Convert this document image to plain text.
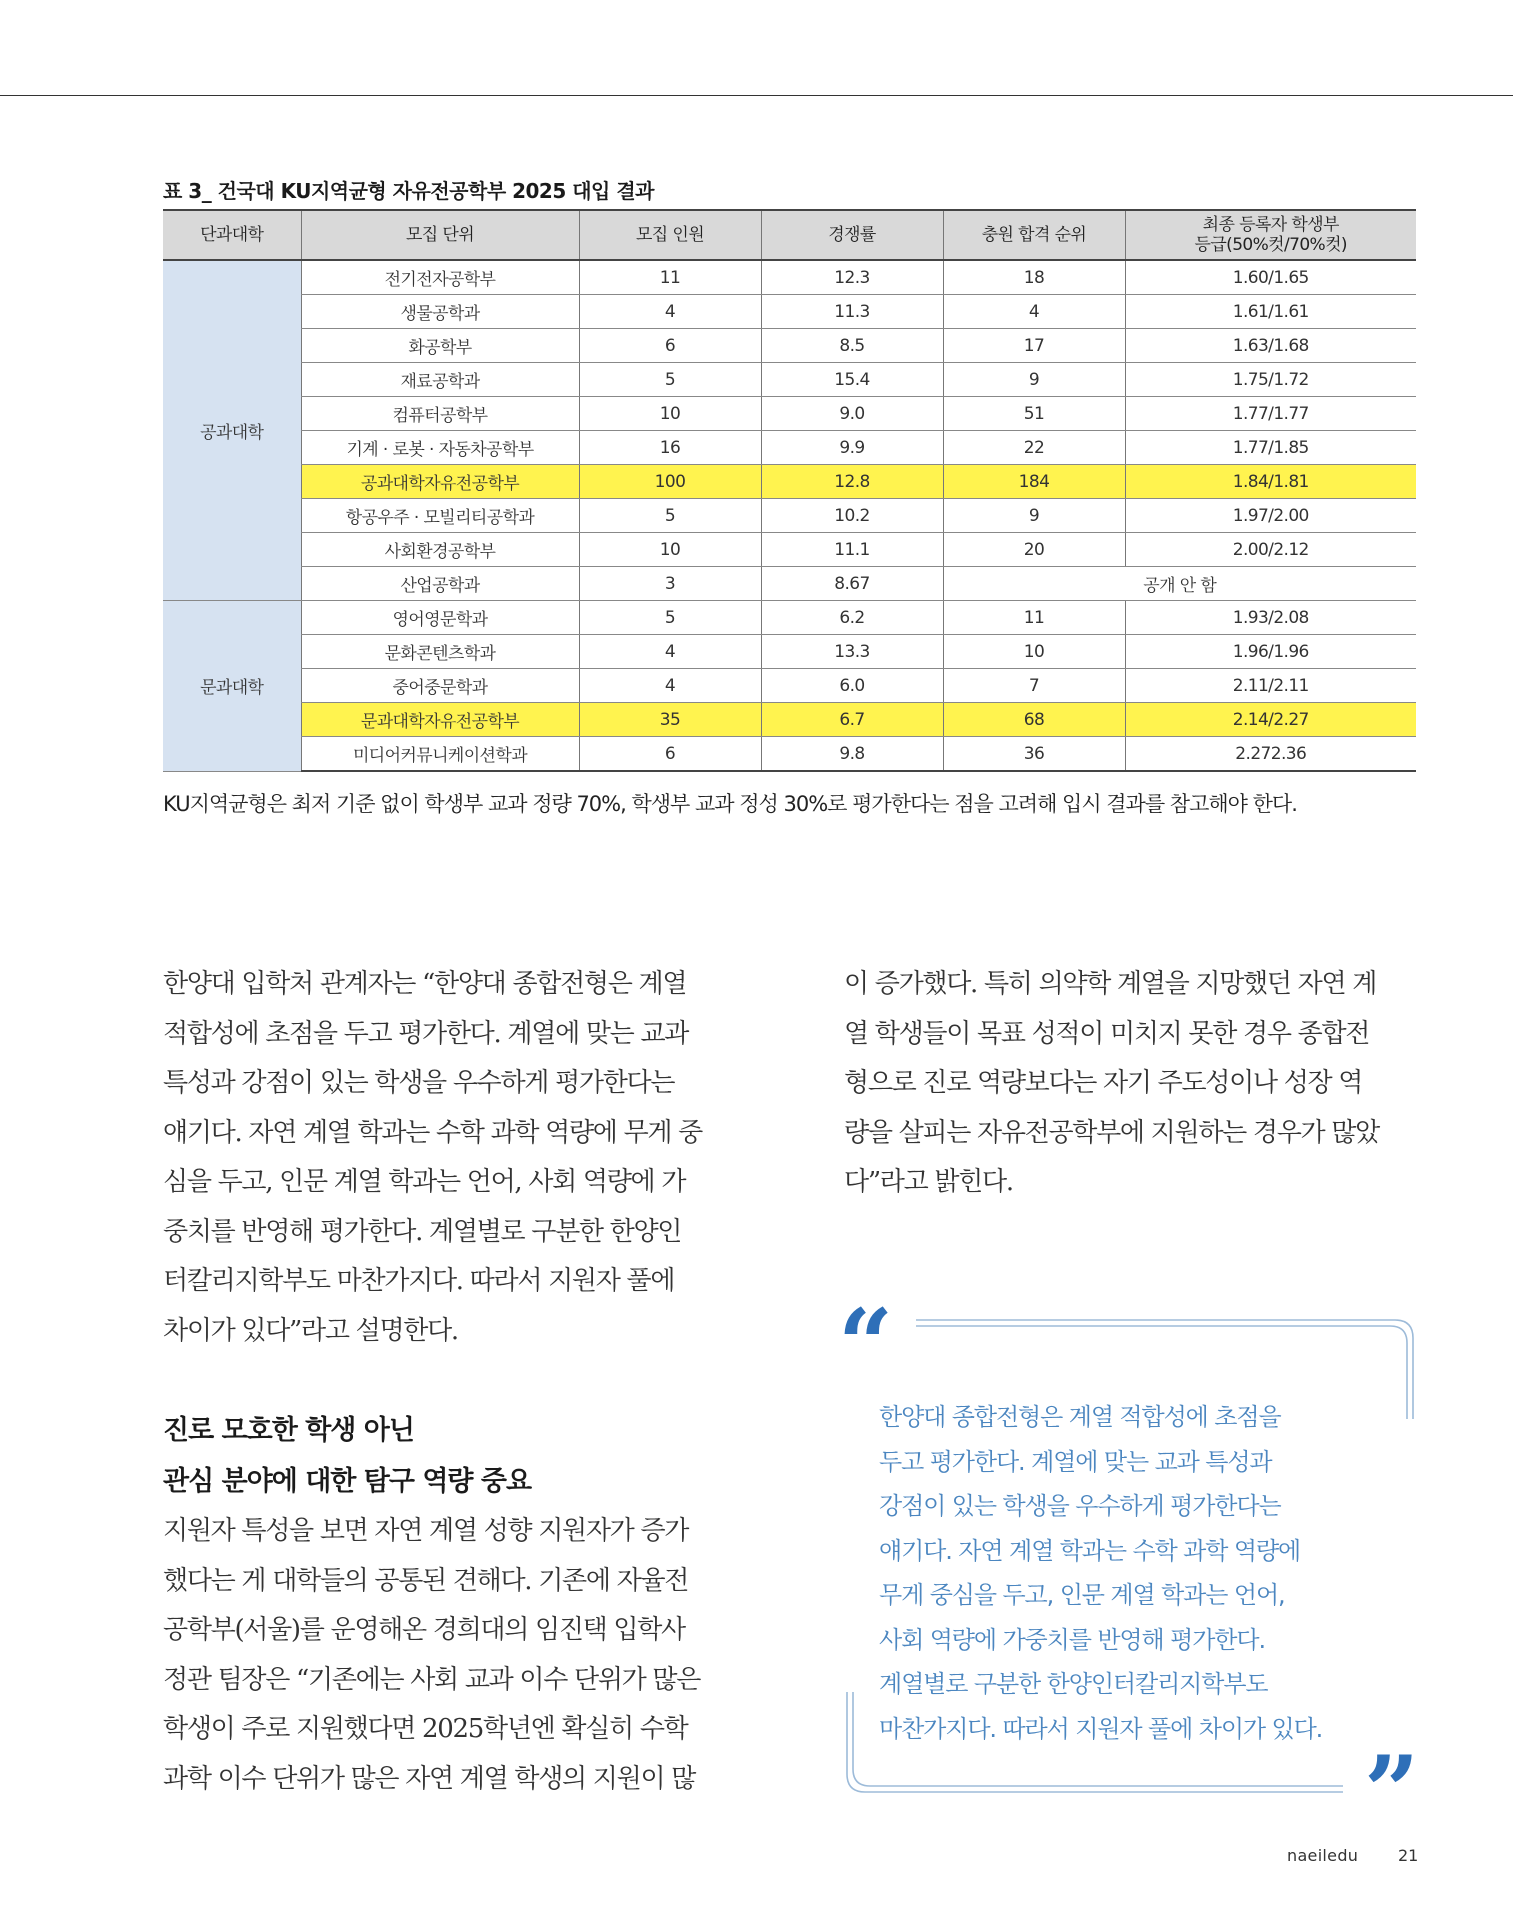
표 3_ 건국대 KU지역균형 자유전공학부 2025 대입 결과
단과대학	모집 단위	모집 인원	경쟁률	충원 합격 순위	최종 등록자 학생부
등급(50%컷/70%컷)
공과대학	전기전자공학부	11	12.3	18	1.60/1.65
	생물공학과	4	11.3	4	1.61/1.61
	화공학부	6	8.5	17	1.63/1.68
	재료공학과	5	15.4	9	1.75/1.72
	컴퓨터공학부	10	9.0	51	1.77/1.77
	기계 · 로봇 · 자동차공학부	16	9.9	22	1.77/1.85
	공과대학자유전공학부	100	12.8	184	1.84/1.81
	항공우주 · 모빌리티공학과	5	10.2	9	1.97/2.00
	사회환경공학부	10	11.1	20	2.00/2.12
	산업공학과	3	8.67	공개 안 함	
문과대학	영어영문학과	5	6.2	11	1.93/2.08
	문화콘텐츠학과	4	13.3	10	1.96/1.96
	중어중문학과	4	6.0	7	2.11/2.11
	문과대학자유전공학부	35	6.7	68	2.14/2.27
	미디어커뮤니케이션학과	6	9.8	36	2.272.36
KU지역균형은 최저 기준 없이 학생부 교과 정량 70%, 학생부 교과 정성 30%로 평가한다는 점을 고려해 입시 결과를 참고해야 한다.

한양대 입학처 관계자는 “한양대 종합전형은 계열

적합성에 초점을 두고 평가한다. 계열에 맞는 교과

특성과 강점이 있는 학생을 우수하게 평가한다는

얘기다. 자연 계열 학과는 수학 과학 역량에 무게 중

심을 두고, 인문 계열 학과는 언어, 사회 역량에 가

중치를 반영해 평가한다. 계열별로 구분한 한양인

터칼리지학부도 마찬가지다. 따라서 지원자 풀에

차이가 있다”라고 설명한다.

진로 모호한 학생 아닌
관심 분야에 대한 탐구 역량 중요

지원자 특성을 보면 자연 계열 성향 지원자가 증가

했다는 게 대학들의 공통된 견해다. 기존에 자율전

공학부(서울)를 운영해온 경희대의 임진택 입학사

정관 팀장은 “기존에는 사회 교과 이수 단위가 많은

학생이 주로 지원했다면 2025학년엔 확실히 수학

과학 이수 단위가 많은 자연 계열 학생의 지원이 많

이 증가했다. 특히 의약학 계열을 지망했던 자연 계

열 학생들이 목표 성적이 미치지 못한 경우 종합전

형으로 진로 역량보다는 자기 주도성이나 성장 역

량을 살피는 자유전공학부에 지원하는 경우가 많았

다”라고 밝힌다.

“
한양대 종합전형은 계열 적합성에 초점을
두고 평가한다. 계열에 맞는 교과 특성과
강점이 있는 학생을 우수하게 평가한다는
얘기다. 자연 계열 학과는 수학 과학 역량에
무게 중심을 두고, 인문 계열 학과는 언어,
사회 역량에 가중치를 반영해 평가한다.
계열별로 구분한 한양인터칼리지학부도
마찬가지다. 따라서 지원자 풀에 차이가 있다.
”
naeiledu 21
